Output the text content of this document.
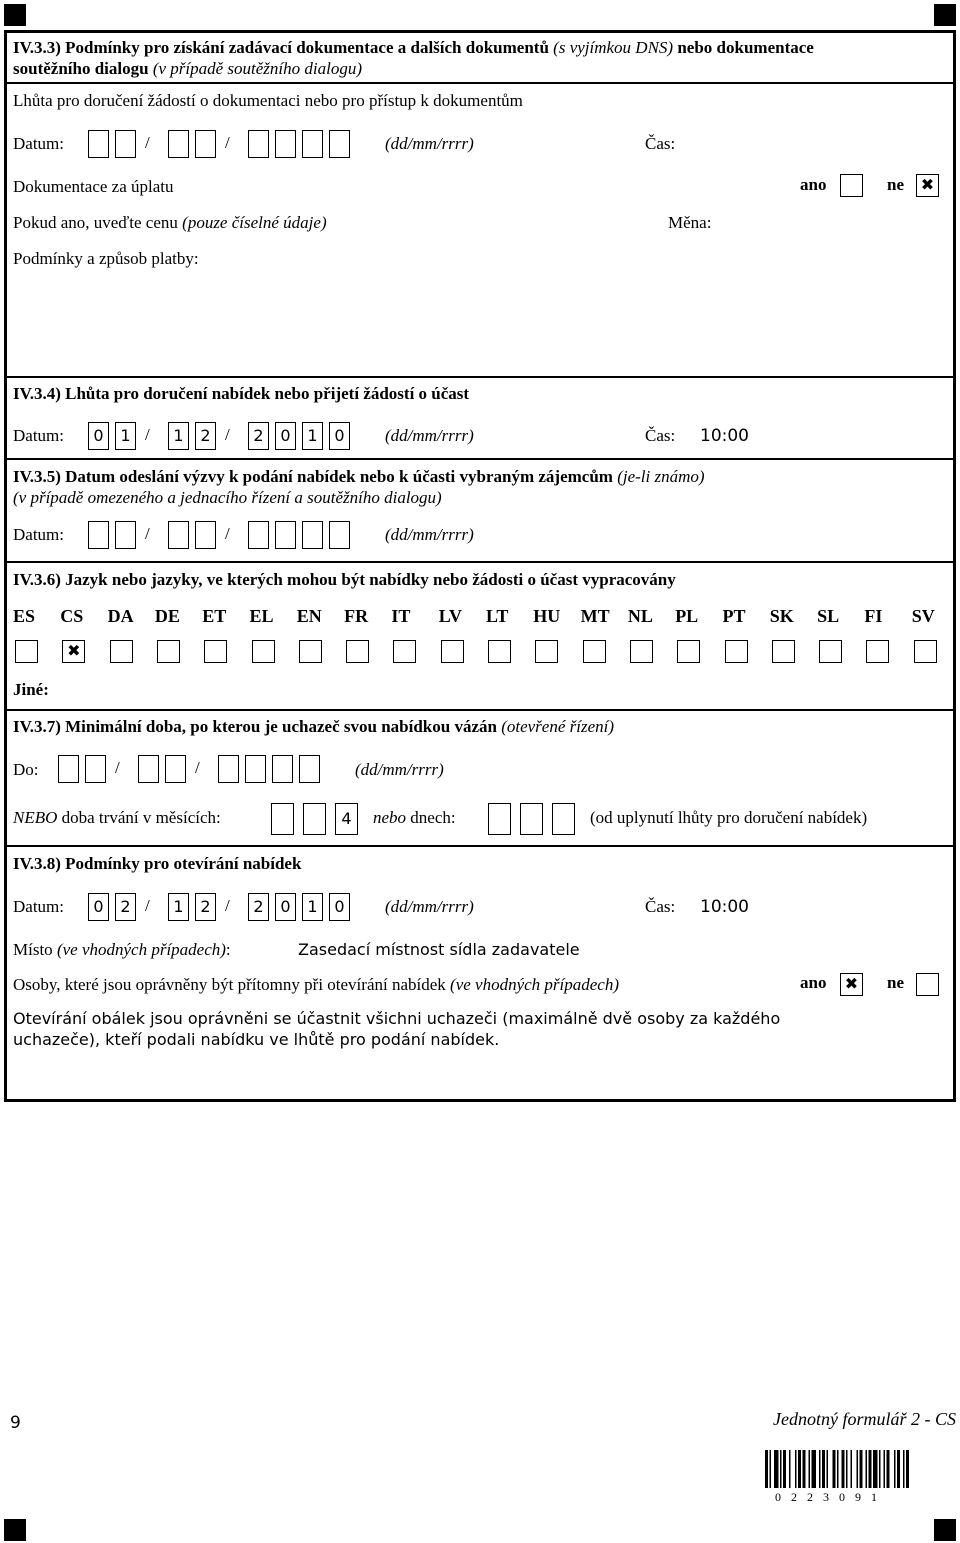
IV.3.3) Podmínky pro získání zadávací dokumentace a dalších dokumentů (s vyjímkou DNS) nebo dokumentace
soutěžního dialogu (v případě soutěžního dialogu)
Lhůta pro doručení žádostí o dokumentaci nebo pro přístup k dokumentům
Datum:	/	/	(dd/mm/rrrr)	Čas:
Dokumentace za úplatu	ano	ne
✖
Pokud ano, uveďte cenu (pouze číselné údaje)	Měna:
Podmínky a způsob platby:
IV.3.4) Lhůta pro doručení nabídek nebo přijetí žádostí o účast
Datum:	0	1	1	2	2	0	1	0
/	/	(dd/mm/rrrr)	Čas: 10:00
IV.3.5) Datum odeslání výzvy k podání nabídek nebo k účasti vybraným zájemcům (je-li známo)
(v případě omezeného a jednacího řízení a soutěžního dialogu)
Datum:	/	/	(dd/mm/rrrr)
IV.3.6) Jazyk nebo jazyky, ve kterých mohou být nabídky nebo žádosti o účast vypracovány
ES CS
✖ DA DE ET EL EN FR IT LV LT HU MT NL PL PT SK SL FI SV
Jiné:
IV.3.7) Minimální doba, po kterou je uchazeč svou nabídkou vázán (otevřené řízení)
Do:	/	/	(dd/mm/rrrr)
NEBO doba trvání v měsících:	4	nebo dnech:	(od uplynutí lhůty pro doručení nabídek)
IV.3.8) Podmínky pro otevírání nabídek
Datum:	0	2	1	2	2	0	1	0
/	/	(dd/mm/rrrr)	Čas: 10:00
Místo (ve vhodných případech):	Zasedací místnost sídla zadavatele
Osoby, které jsou oprávněny být přítomny při otevírání nabídek (ve vhodných případech)	ano
✖	ne
Otevírání obálek jsou oprávněni se účastnit všichni uchazeči (maximálně dvě osoby za každého
uchazeče), kteří podali nabídku ve lhůtě pro podání nabídek.
9	Jednotný formulář 2 - CS
0 2 2 3 0 9 1
